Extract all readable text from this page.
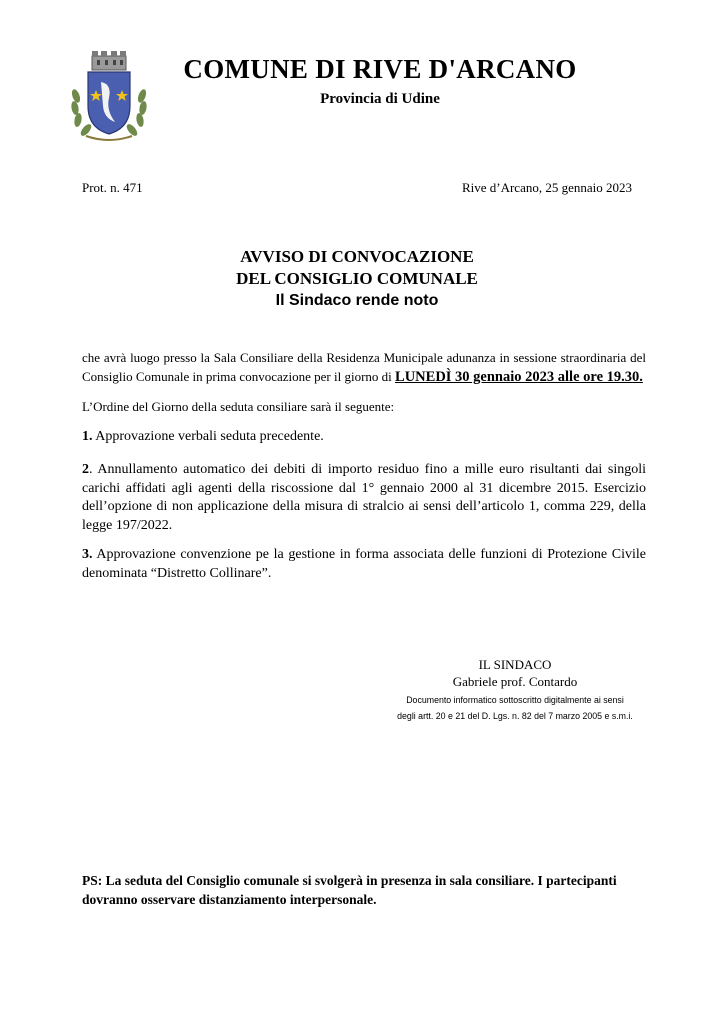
COMUNE DI RIVE D'ARCANO
Provincia di Udine
Prot. n. 471	Rive d’Arcano, 25 gennaio 2023
AVVISO DI CONVOCAZIONE
DEL CONSIGLIO COMUNALE
Il Sindaco rende noto
che avrà luogo presso la Sala Consiliare della Residenza Municipale adunanza in sessione straordinaria del Consiglio Comunale in prima convocazione per il giorno di LUNEDÌ 30 gennaio 2023 alle ore 19.30.
L’Ordine del Giorno della seduta consiliare sarà il seguente:
1. Approvazione verbali seduta precedente.
2. Annullamento automatico dei debiti di importo residuo fino a mille euro risultanti dai singoli carichi affidati agli agenti della riscossione dal 1° gennaio 2000 al 31 dicembre 2015. Esercizio dell’opzione di non applicazione della misura di stralcio ai sensi dell’articolo 1, comma 229, della legge 197/2022.
3. Approvazione convenzione pe la gestione in forma associata delle funzioni di Protezione Civile denominata “Distretto Collinare”.
IL SINDACO
Gabriele prof. Contardo
Documento informatico sottoscritto digitalmente ai sensi
degli artt. 20 e 21 del D. Lgs. n. 82 del 7 marzo 2005 e s.m.i.
PS: La seduta del Consiglio comunale si svolgerà in presenza in sala consiliare. I partecipanti dovranno osservare distanziamento interpersonale.
